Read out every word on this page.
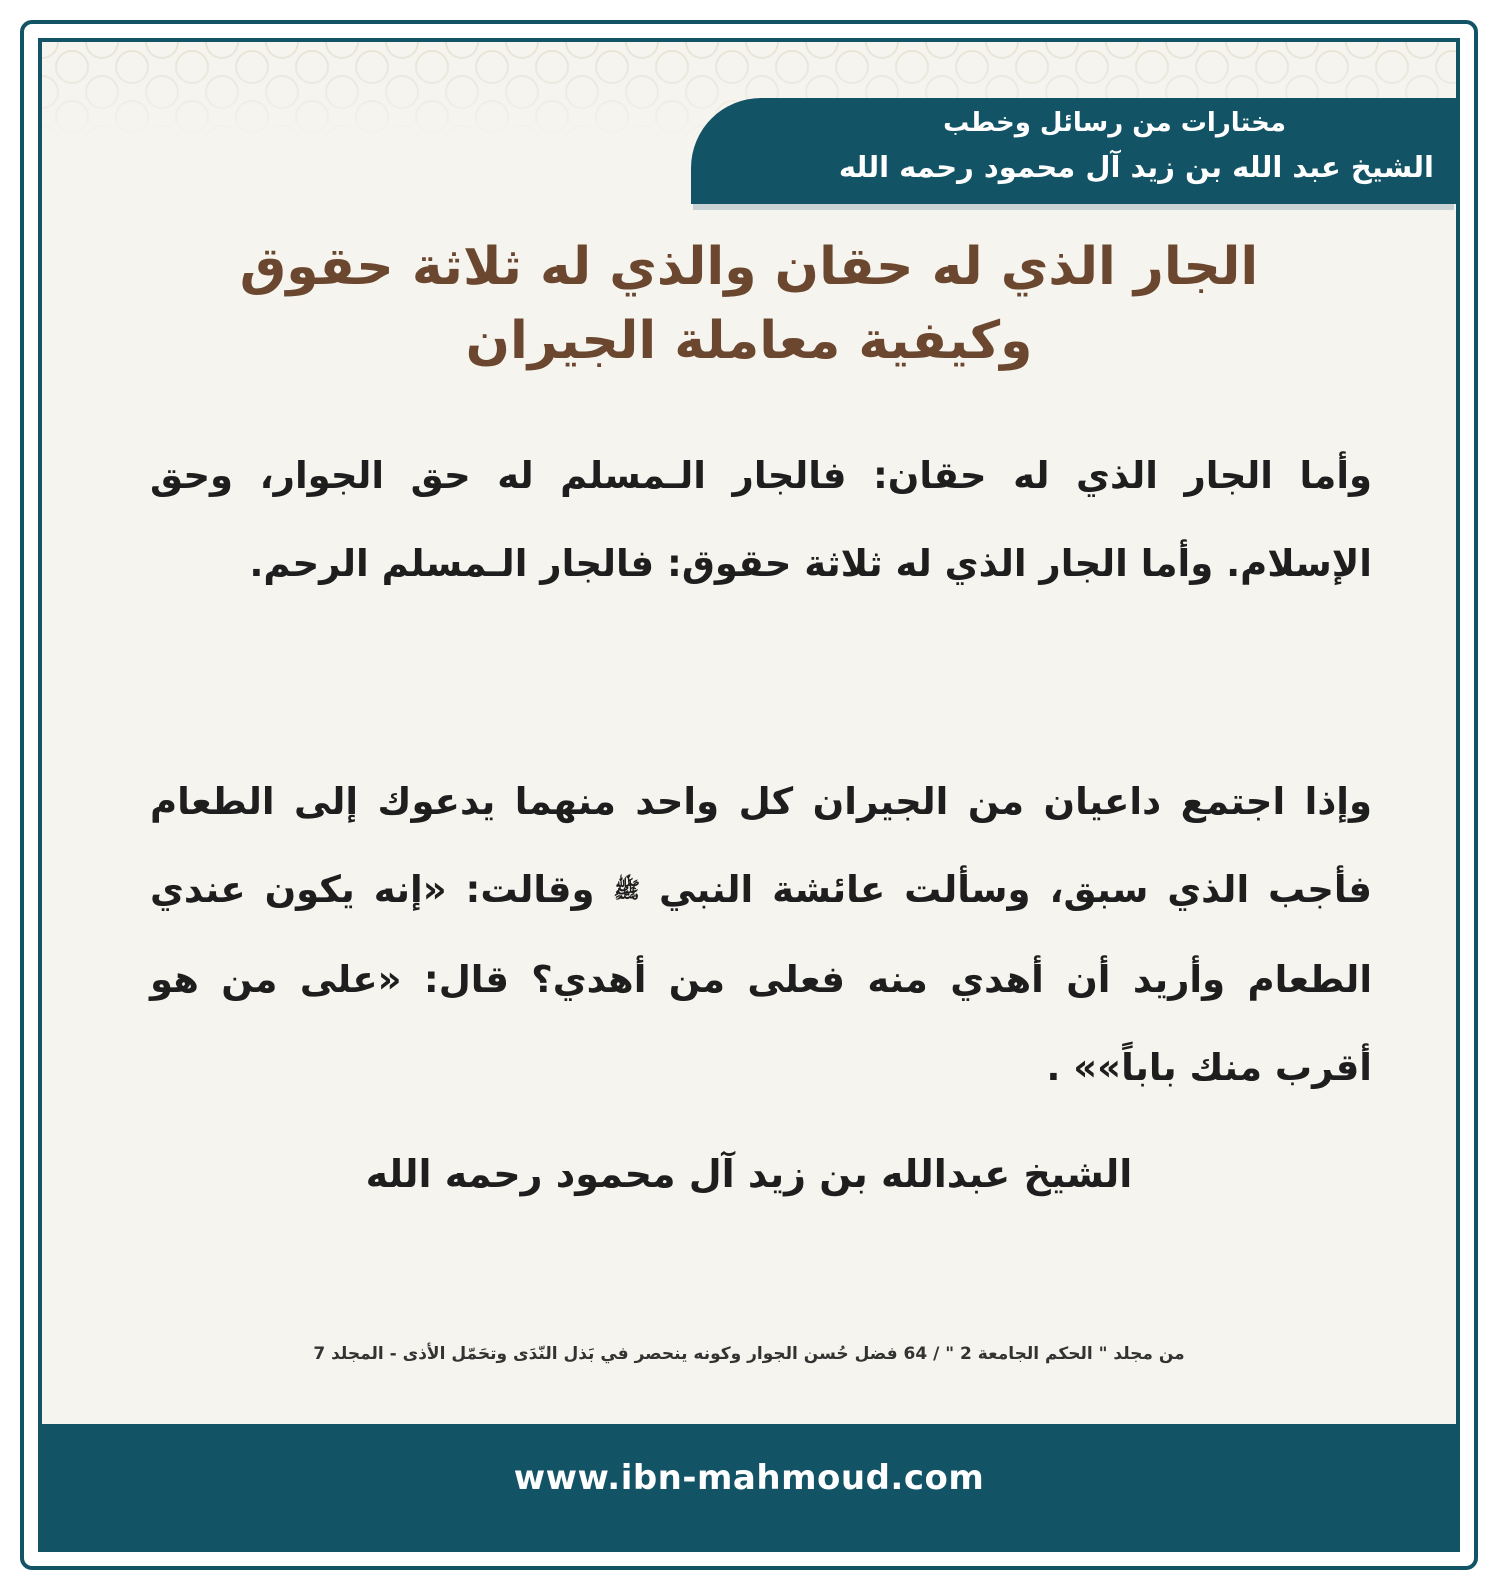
مختارات من رسائل وخطب
الشيخ عبد الله بن زيد آل محمود رحمه الله
الجار الذي له حقان والذي له ثلاثة حقوق
وكيفية معاملة الجيران
وأما الجار الذي له حقان: فالجار الـمسلم له حق الجوار، وحق الإسلام. وأما الجار الذي له ثلاثة حقوق: فالجار الـمسلم الرحم.
وإذا اجتمع داعيان من الجيران كل واحد منهما يدعوك إلى الطعام فأجب الذي سبق، وسألت عائشة النبي ﷺ وقالت: «إنه يكون عندي الطعام وأريد أن أهدي منه فعلى من أهدي؟ قال: «على من هو أقرب منك باباً»» .
الشيخ عبدالله بن زيد آل محمود رحمه الله
من مجلد " الحكم الجامعة 2 " / 64 فضل حُسن الجوار وكونه ينحصر في بَذل النّدَى وتحَمّل الأذى - المجلد 7
www.ibn-mahmoud.com
